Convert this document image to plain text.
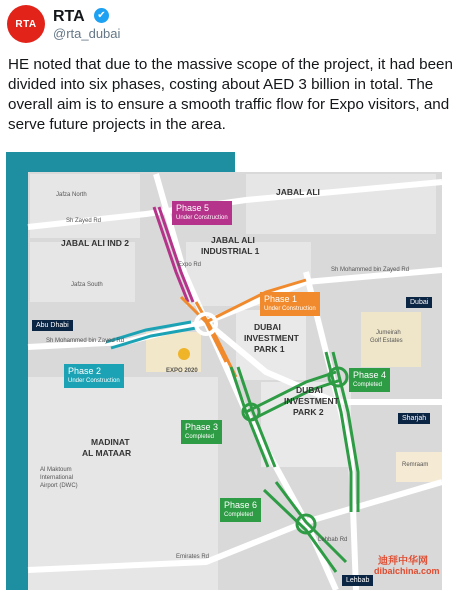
RTA RTA	✔
@rta_dubai
HE noted that due to the massive scope of the project, it had been divided into six phases, costing about AED 3 billion in total. The overall aim is to ensure a smooth traffic flow for Expo visitors, and serve future projects in the area.
Jafza North	JABAL ALI
JABAL ALI IND 2	JABAL ALI
INDUSTRIAL 1
Jafza South
DUBAI
INVESTMENT
PARK 1
DUBAI
INVESTMENT
PARK 2
MADINAT
AL MATAAR
Al Maktoum
International
Airport (DWC)
Jumeirah
Golf Estates
Remraam
EXPO 2020
Sh Zayed Rd
Sh Mohammed bin Zayed Rd
Sh Mohammed bin Zayed Rd
Expo Rd
Emirates Rd
Lehbab Rd
Phase 5
Under Construction
Phase 1
Under Construction
Phase 2
Under Construction
Phase 4
Completed
Phase 3
Completed
Phase 6
Completed
Abu Dhabi
Dubai
Sharjah
Lehbab
迪拜中华网
dibaichina.com
